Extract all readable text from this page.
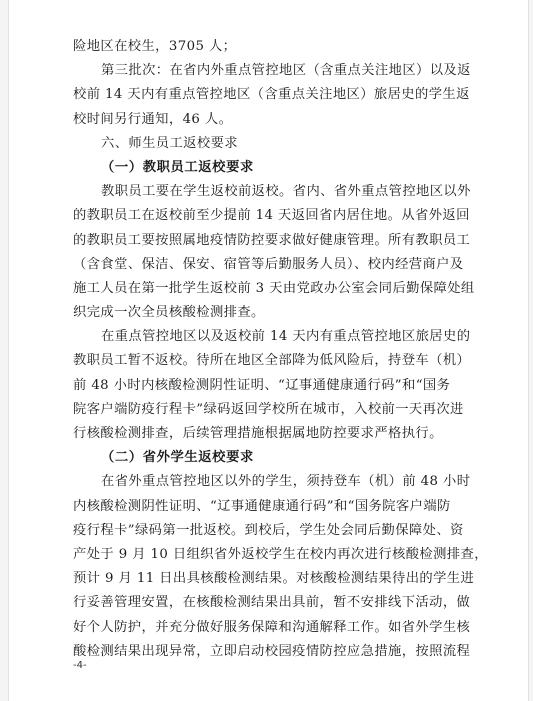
险地区在校生，3705 人；
第三批次：在省内外重点管控地区（含重点关注地区）以及返
校前 14 天内有重点管控地区（含重点关注地区）旅居史的学生返
校时间另行通知，46 人。
六、师生员工返校要求
（一）教职员工返校要求
教职员工要在学生返校前返校。省内、省外重点管控地区以外
的教职员工在返校前至少提前 14 天返回省内居住地。从省外返回
的教职员工要按照属地疫情防控要求做好健康管理。所有教职员工
（含食堂、保洁、保安、宿管等后勤服务人员）、校内经营商户及
施工人员在第一批学生返校前 3 天由党政办公室会同后勤保障处组
织完成一次全员核酸检测排查。
在重点管控地区以及返校前 14 天内有重点管控地区旅居史的
教职员工暂不返校。待所在地区全部降为低风险后，持登车（机）
前 48 小时内核酸检测阴性证明、“辽事通健康通行码”和“国务
院客户端防疫行程卡”绿码返回学校所在城市，入校前一天再次进
行核酸检测排查，后续管理措施根据属地防控要求严格执行。
（二）省外学生返校要求
在省外重点管控地区以外的学生，须持登车（机）前 48 小时
内核酸检测阴性证明、“辽事通健康通行码”和“国务院客户端防
疫行程卡”绿码第一批返校。到校后，学生处会同后勤保障处、资
产处于 9 月 10 日组织省外返校学生在校内再次进行核酸检测排查，
预计 9 月 11 日出具核酸检测结果。对核酸检测结果待出的学生进
行妥善管理安置，在核酸检测结果出具前，暂不安排线下活动，做
好个人防护，并充分做好服务保障和沟通解释工作。如省外学生核
酸检测结果出现异常，立即启动校园疫情防控应急措施，按照流程
-4-
